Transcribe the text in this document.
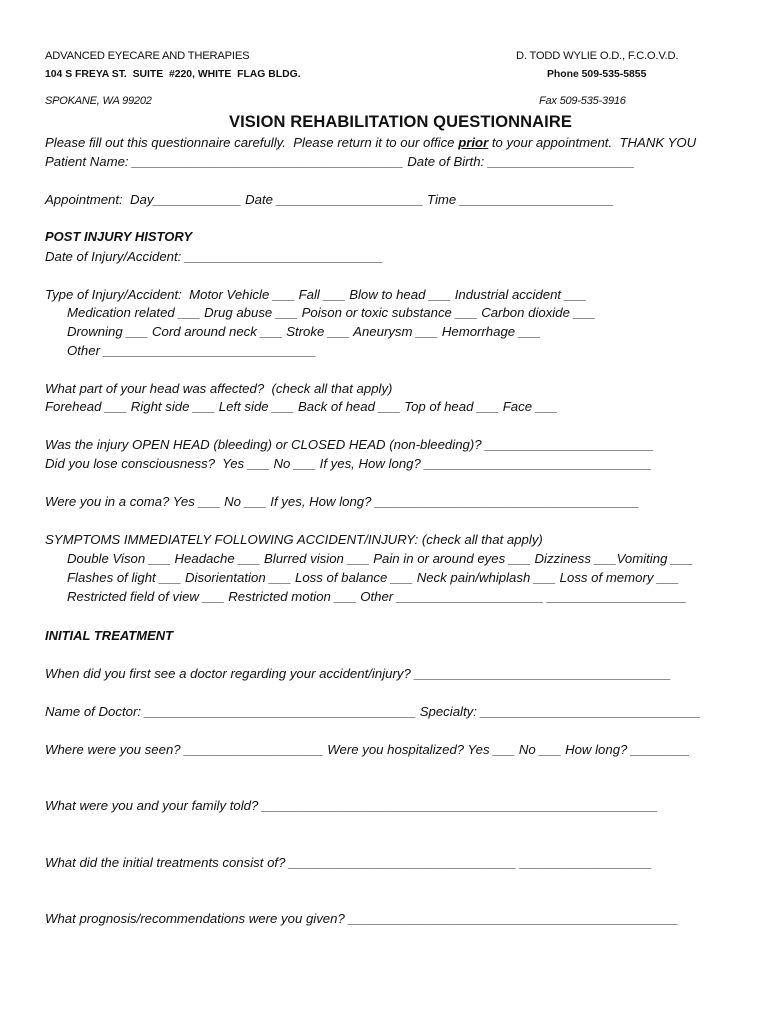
ADVANCED EYECARE AND THERAPIES
104 S FREYA ST.  SUITE  #220, WHITE  FLAG BLDG.
SPOKANE, WA 99202
D. TODD WYLIE O.D., F.C.O.V.D.
Phone 509-535-5855
Fax 509-535-3916
VISION REHABILITATION QUESTIONNAIRE
Please fill out this questionnaire carefully.  Please return it to our office prior to your appointment.  THANK YOU
Patient Name: _____________________________________ Date of Birth: ____________________
Appointment:  Day____________ Date ____________________ Time _____________________
POST INJURY HISTORY
Date of Injury/Accident: ___________________________
Type of Injury/Accident:  Motor Vehicle ___ Fall ___ Blow to head ___ Industrial accident ___
Medication related ___ Drug abuse ___ Poison or toxic substance ___ Carbon dioxide ___
Drowning ___ Cord around neck ___ Stroke ___ Aneurysm ___ Hemorrhage ___
Other _____________________________
What part of your head was affected?  (check all that apply)
Forehead ___ Right side ___ Left side ___ Back of head ___ Top of head ___ Face ___
Was the injury OPEN HEAD (bleeding) or CLOSED HEAD (non-bleeding)? _______________________
Did you lose consciousness?  Yes ___ No ___ If yes, How long? _______________________________
Were you in a coma? Yes ___ No ___ If yes, How long? ____________________________________
SYMPTOMS IMMEDIATELY FOLLOWING ACCIDENT/INJURY: (check all that apply)
Double Vison ___ Headache ___ Blurred vision ___ Pain in or around eyes ___ Dizziness ___Vomiting ___
Flashes of light ___ Disorientation ___ Loss of balance ___ Neck pain/whiplash ___ Loss of memory ___
Restricted field of view ___ Restricted motion ___ Other ____________________ ___________________
INITIAL TREATMENT
When did you first see a doctor regarding your accident/injury? ___________________________________
Name of Doctor: _____________________________________ Specialty: ______________________________
Where were you seen? ___________________ Were you hospitalized? Yes ___ No ___ How long? ________
What were you and your family told? ______________________________________________________
What did the initial treatments consist of? _______________________________ __________________
What prognosis/recommendations were you given? _____________________________________________
